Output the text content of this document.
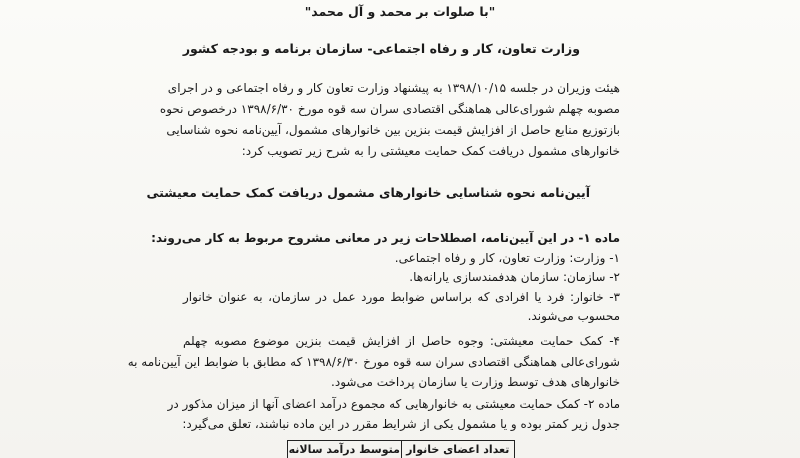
"با صلوات بر محمد و آل محمد"
وزارت تعاون، کار و رفاه اجتماعی- سازمان برنامه و بودجه کشور
هیئت وزیران در جلسه ۱۳۹۸/۱۰/۱۵ به پیشنهاد وزارت تعاون کار و رفاه اجتماعی و در اجرای
مصوبه چهلم شورای‌عالی هماهنگی اقتصادی سران سه قوه مورخ ۱۳۹۸/۶/۳۰ درخصوص نحوه
بازتوزیع منابع حاصل از افزایش قیمت بنزین بین خانوارهای مشمول، آیین‌نامه نحوه شناسایی
خانوارهای مشمول دریافت کمک حمایت معیشتی را به شرح زیر تصویب کرد:
آیین‌نامه نحوه شناسایی خانوارهای مشمول دریافت کمک حمایت معیشتی
ماده ۱- در این آیین‌نامه، اصطلاحات زیر در معانی مشروح مربوط به کار می‌روند:
۱- وزارت: وزارت تعاون، کار و رفاه اجتماعی.
۲- سازمان: سازمان هدفمندسازی یارانه‌ها.
۳- خانوار: فرد یا افرادی که براساس ضوابط مورد عمل در سازمان، به عنوان خانوار
محسوب می‌شوند.
۴- کمک حمایت معیشتی: وجوه حاصل از افزایش قیمت بنزین موضوع مصوبه چهلم
شورای‌عالی هماهنگی اقتصادی سران سه قوه مورخ ۱۳۹۸/۶/۳۰ که مطابق با ضوابط این آیین‌نامه به
خانوارهای هدف توسط وزارت یا سازمان پرداخت می‌شود.
ماده ۲- کمک حمایت معیشتی به خانوارهایی که مجموع درآمد اعضای آنها از میزان مذکور در
جدول زیر کمتر بوده و یا مشمول یکی از شرایط مقرر در این ماده نباشند، تعلق می‌گیرد:
تعداد اعضای خانوار
متوسط درآمد سالانه
